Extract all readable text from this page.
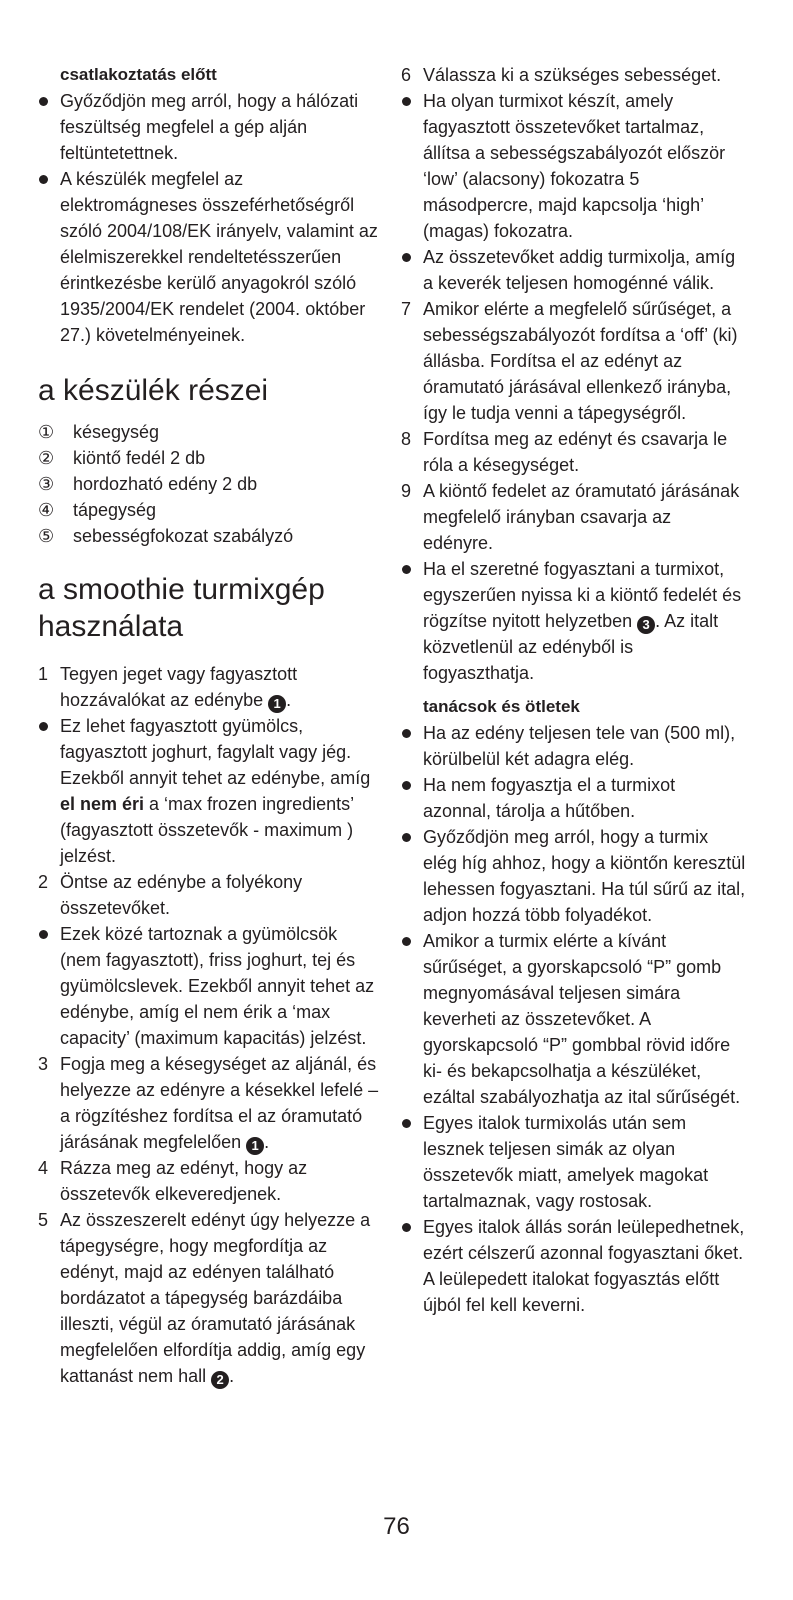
csatlakoztatás előtt
Győződjön meg arról, hogy a hálózati feszültség megfelel a gép alján feltüntetettnek.
A készülék megfelel az elektromágneses összeférhetőségről szóló 2004/108/EK irányelv, valamint az élelmiszerekkel rendeltetésszerűen érintkezésbe kerülő anyagokról szóló 1935/2004/EK rendelet (2004. október 27.) követelményeinek.
a készülék részei
①	késegység
②	kiöntő fedél 2 db
③	hordozható edény 2 db
④	tápegység
⑤	sebességfokozat szabályzó
a smoothie turmixgép használata
1 Tegyen jeget vagy fagyasztott hozzávalókat az edénybe 1 .
Ez lehet fagyasztott gyümölcs, fagyasztott joghurt, fagylalt vagy jég. Ezekből annyit tehet az edénybe, amíg el nem éri a ‘max frozen ingredients’ (fagyasztott összetevők - maximum ) jelzést.
2 Öntse az edénybe a folyékony összetevőket.
Ezek közé tartoznak a gyümölcsök (nem fagyasztott), friss joghurt, tej és gyümölcslevek. Ezekből annyit tehet az edénybe, amíg el nem érik a ‘max capacity’ (maximum kapacitás) jelzést.
3 Fogja meg a késegységet az aljánál, és helyezze az edényre a késekkel lefelé – a rögzítéshez fordítsa el az óramutató járásának megfelelően 1 .
4 Rázza meg az edényt, hogy az összetevők elkeveredjenek.
5 Az összeszerelt edényt úgy helyezze a tápegységre, hogy megfordítja az edényt, majd az edényen található bordázatot a tápegység barázdáiba illeszti, végül az óramutató járásának megfelelően elfordítja addig, amíg egy kattanást nem hall 2 .
6 Válassza ki a szükséges sebességet.
Ha olyan turmixot készít, amely fagyasztott összetevőket tartalmaz, állítsa a sebességszabályozót először ‘low’ (alacsony) fokozatra 5 másodpercre, majd kapcsolja ‘high’ (magas) fokozatra.
Az összetevőket addig turmixolja, amíg a keverék teljesen homogénné válik.
7 Amikor elérte a megfelelő sűrűséget, a sebességszabályozót fordítsa a ‘off’ (ki) állásba. Fordítsa el az edényt az óramutató járásával ellenkező irányba, így le tudja venni a tápegységről.
8 Fordítsa meg az edényt és csavarja le róla a késegységet.
9 A kiöntő fedelet az óramutató járásának megfelelő irányban csavarja az edényre.
Ha el szeretné fogyasztani a turmixot, egyszerűen nyissa ki a kiöntő fedelét és rögzítse nyitott helyzetben 3 . Az italt közvetlenül az edényből is fogyaszthatja.
tanácsok és ötletek
Ha az edény teljesen tele van (500 ml), körülbelül két adagra elég.
Ha nem fogyasztja el a turmixot azonnal, tárolja a hűtőben.
Győződjön meg arról, hogy a turmix elég híg ahhoz, hogy a kiöntőn keresztül lehessen fogyasztani. Ha túl sűrű az ital, adjon hozzá több folyadékot.
Amikor a turmix elérte a kívánt sűrűséget, a gyorskapcsoló “P” gomb megnyomásával teljesen simára keverheti az összetevőket. A gyorskapcsoló “P” gombbal rövid időre ki- és bekapcsolhatja a készüléket, ezáltal szabályozhatja az ital sűrűségét.
Egyes italok turmixolás után sem lesznek teljesen simák az olyan összetevők miatt, amelyek magokat tartalmaznak, vagy rostosak.
Egyes italok állás során leülepedhetnek, ezért célszerű azonnal fogyasztani őket. A leülepedett italokat fogyasztás előtt újból fel kell keverni.
76
